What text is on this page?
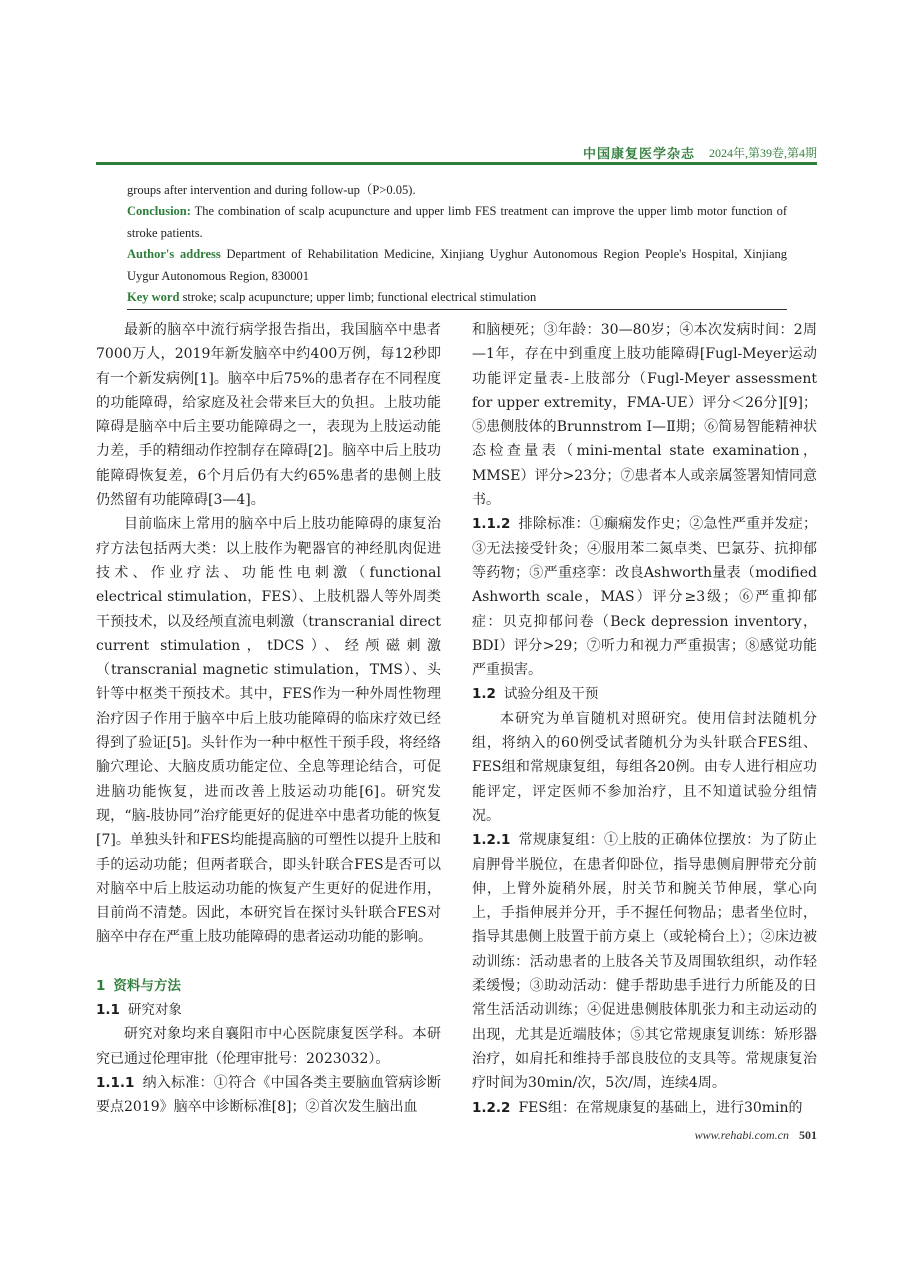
中国康复医学杂志 2024年,第39卷,第4期

groups after intervention and during follow-up（P>0.05).

Conclusion: The combination of scalp acupuncture and upper limb FES treatment can improve the upper limb motor function of stroke patients.

Author's address Department of Rehabilitation Medicine, Xinjiang Uyghur Autonomous Region People's Hospital, Xinjiang Uygur Autonomous Region, 830001

Key word stroke; scalp acupuncture; upper limb; functional electrical stimulation

最新的脑卒中流行病学报告指出，我国脑卒中患者7000万人，2019年新发脑卒中约400万例，每12秒即有一个新发病例[1]。脑卒中后75%的患者存在不同程度的功能障碍，给家庭及社会带来巨大的负担。上肢功能障碍是脑卒中后主要功能障碍之一，表现为上肢运动能力差，手的精细动作控制存在障碍[2]。脑卒中后上肢功能障碍恢复差，6个月后仍有大约65%患者的患侧上肢仍然留有功能障碍[3—4]。

目前临床上常用的脑卒中后上肢功能障碍的康复治疗方法包括两大类：以上肢作为靶器官的神经肌肉促进技术、作业疗法、功能性电刺激（functional electrical stimulation，FES）、上肢机器人等外周类干预技术，以及经颅直流电刺激（transcranial direct current stimulation，tDCS）、经颅磁刺激（transcranial magnetic stimulation，TMS）、头针等中枢类干预技术。其中，FES作为一种外周性物理治疗因子作用于脑卒中后上肢功能障碍的临床疗效已经得到了验证[5]。头针作为一种中枢性干预手段，将经络腧穴理论、大脑皮质功能定位、全息等理论结合，可促进脑功能恢复，进而改善上肢运动功能[6]。研究发现，“脑-肢协同”治疗能更好的促进卒中患者功能的恢复[7]。单独头针和FES均能提高脑的可塑性以提升上肢和手的运动功能；但两者联合，即头针联合FES是否可以对脑卒中后上肢运动功能的恢复产生更好的促进作用，目前尚不清楚。因此，本研究旨在探讨头针联合FES对脑卒中存在严重上肢功能障碍的患者运动功能的影响。

1 资料与方法

1.1 研究对象

研究对象均来自襄阳市中心医院康复医学科。本研究已通过伦理审批（伦理审批号：2023032）。

1.1.1 纳入标准：①符合《中国各类主要脑血管病诊断要点2019》脑卒中诊断标准[8]；②首次发生脑出血

和脑梗死；③年龄：30—80岁；④本次发病时间：2周—1年，存在中到重度上肢功能障碍[Fugl-Meyer运动功能评定量表-上肢部分（Fugl-Meyer assessment for upper extremity，FMA-UE）评分＜26分][9]；⑤患侧肢体的Brunnstrom Ⅰ—Ⅱ期；⑥简易智能精神状态检查量表（mini-mental state examination，MMSE）评分>23分；⑦患者本人或亲属签署知情同意书。

1.1.2 排除标准：①癫痫发作史；②急性严重并发症；③无法接受针灸；④服用苯二氮卓类、巴氯芬、抗抑郁等药物；⑤严重痉挛：改良Ashworth量表（modified Ashworth scale，MAS）评分≥3级；⑥严重抑郁症：贝克抑郁问卷（Beck depression inventory，BDI）评分>29；⑦听力和视力严重损害；⑧感觉功能严重损害。

1.2 试验分组及干预

本研究为单盲随机对照研究。使用信封法随机分组，将纳入的60例受试者随机分为头针联合FES组、FES组和常规康复组，每组各20例。由专人进行相应功能评定，评定医师不参加治疗，且不知道试验分组情况。

1.2.1 常规康复组：①上肢的正确体位摆放：为了防止肩胛骨半脱位，在患者仰卧位，指导患侧肩胛带充分前伸，上臂外旋稍外展，肘关节和腕关节伸展，掌心向上，手指伸展并分开，手不握任何物品；患者坐位时，指导其患侧上肢置于前方桌上（或轮椅台上）；②床边被动训练：活动患者的上肢各关节及周围软组织，动作轻柔缓慢；③助动活动：健手帮助患手进行力所能及的日常生活活动训练；④促进患侧肢体肌张力和主动运动的出现，尤其是近端肢体；⑤其它常规康复训练：矫形器治疗，如肩托和维持手部良肢位的支具等。常规康复治疗时间为30min/次，5次/周，连续4周。

1.2.2 FES组：在常规康复的基础上，进行30min的

www.rehabi.com.cn 501
